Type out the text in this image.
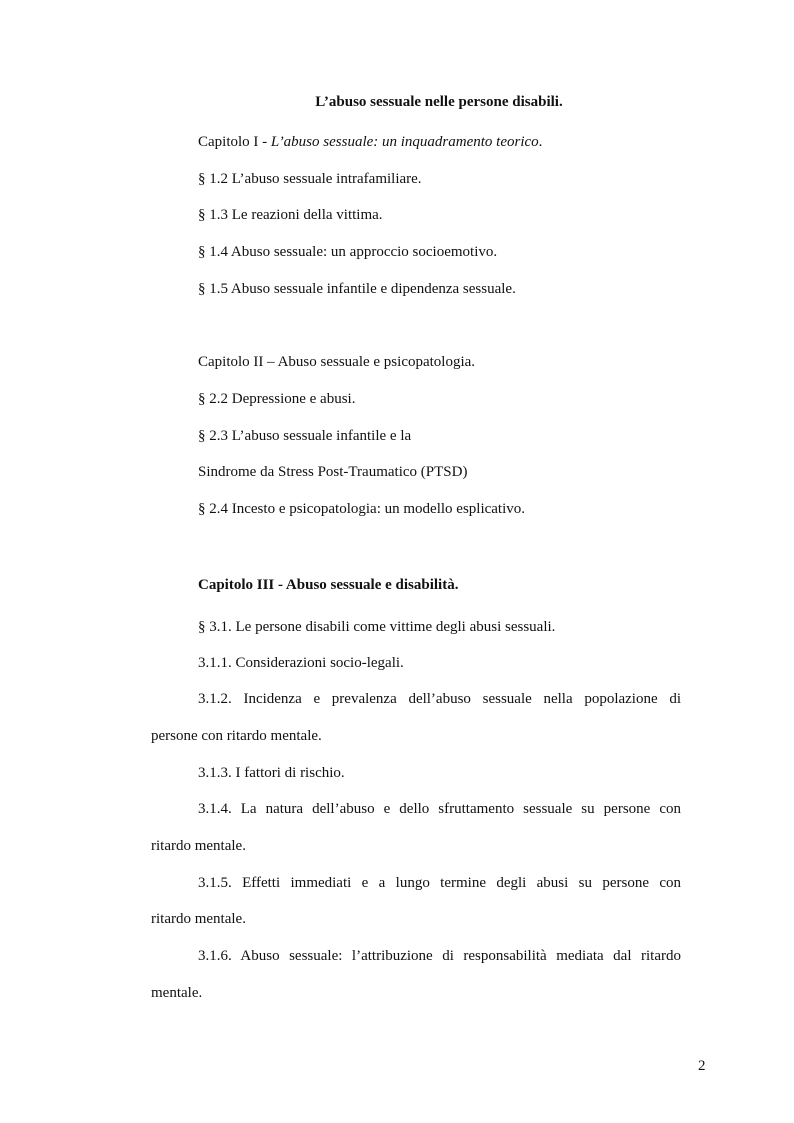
L’abuso sessuale nelle persone disabili.
Capitolo I - L’abuso sessuale: un inquadramento teorico.
§ 1.2 L’abuso sessuale intrafamiliare.
§ 1.3 Le reazioni della vittima.
§ 1.4 Abuso sessuale: un approccio socioemotivo.
§ 1.5 Abuso sessuale infantile e dipendenza sessuale.
Capitolo II – Abuso sessuale e psicopatologia.
§ 2.2 Depressione e abusi.
§ 2.3 L’abuso sessuale infantile e la
Sindrome da Stress Post-Traumatico (PTSD)
§ 2.4 Incesto e psicopatologia: un modello esplicativo.
Capitolo III - Abuso sessuale e disabilità.
§ 3.1. Le persone disabili come vittime degli abusi sessuali.
3.1.1. Considerazioni socio-legali.
3.1.2. Incidenza e prevalenza dell’abuso sessuale nella popolazione di
persone con ritardo mentale.
3.1.3. I fattori di rischio.
3.1.4. La natura dell’abuso e dello sfruttamento sessuale su persone con
ritardo mentale.
3.1.5. Effetti immediati e a lungo termine degli abusi su persone con
ritardo mentale.
3.1.6. Abuso sessuale: l’attribuzione di responsabilità mediata dal ritardo
mentale.
2
